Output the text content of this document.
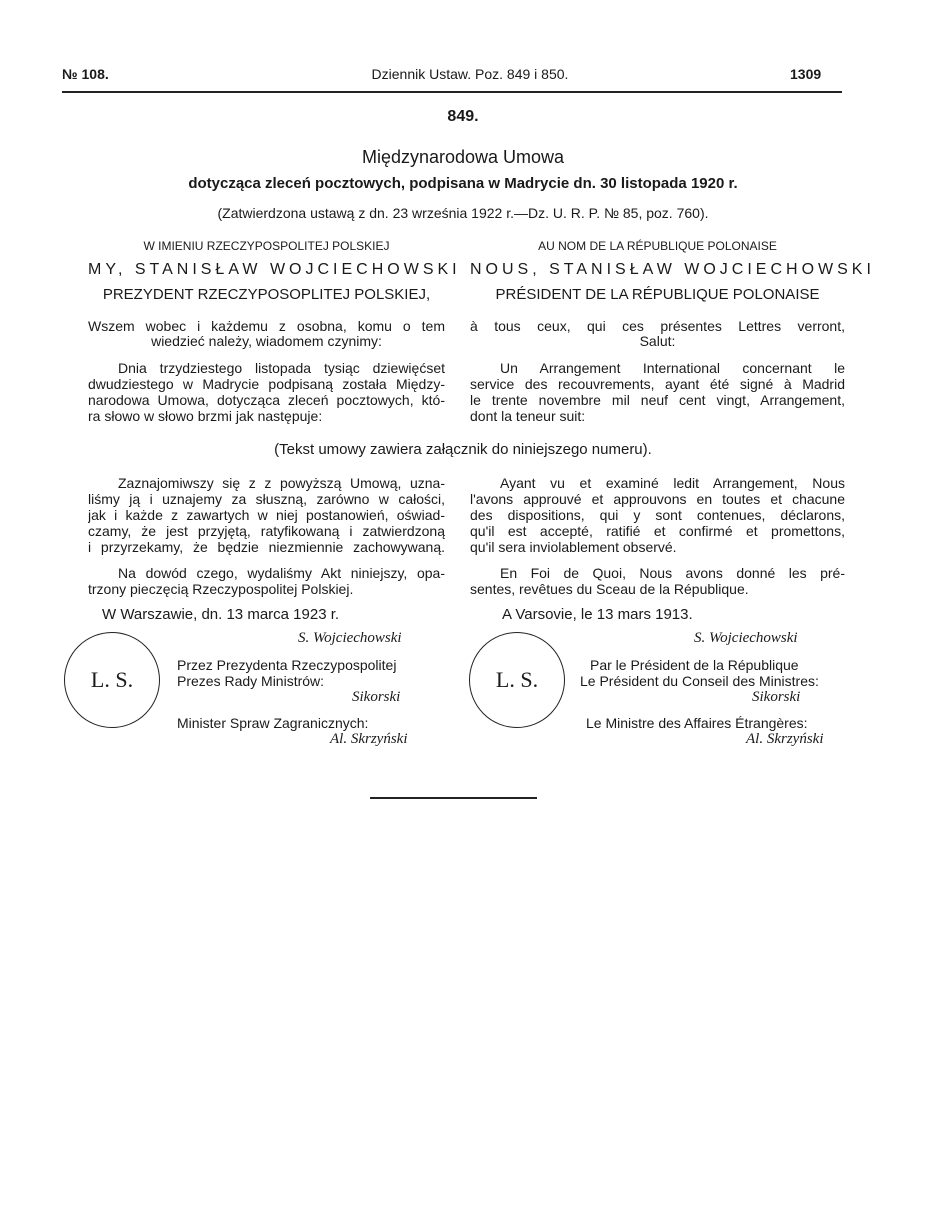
№ 108.	Dziennik Ustaw. Poz. 849 i 850.	1309
849.
Międzynarodowa Umowa
dotycząca zleceń pocztowych, podpisana w Madrycie dn. 30 listopada 1920 r.
(Zatwierdzona ustawą z dn. 23 września 1922 r.—Dz. U. R. P. № 85, poz. 760).
W IMIENIU RZECZYPOSPOLITEJ POLSKIEJ
MY, STANISŁAW WOJCIECHOWSKI
PREZYDENT RZECZYPOSOPLITEJ POLSKIEJ,
Wszem wobec i każdemu z osobna, komu o tem
wiedzieć należy, wiadomem czynimy:
Dnia trzydziestego listopada tysiąc dziewięćset
dwudziestego w Madrycie podpisaną została Między-
narodowa Umowa, dotycząca zleceń pocztowych, któ-
ra słowo w słowo brzmi jak następuje:
(Tekst umowy zawiera załącznik do niniejszego numeru).
Zaznajomiwszy się z z powyższą Umową, uzna-
liśmy ją i uznajemy za słuszną, zarówno w całości,
jak i każde z zawartych w niej postanowień, oświad-
czamy, że jest przyjętą, ratyfikowaną i zatwierdzoną
i przyrzekamy, że będzie niezmiennie zachowywaną.
Na dowód czego, wydaliśmy Akt niniejszy, opa-
trzony pieczęcią Rzeczypospolitej Polskiej.
W Warszawie, dn. 13 marca 1923 r.
S. Wojciechowski
L. S.
Przez Prezydenta Rzeczypospolitej
Prezes Rady Ministrów:
Sikorski
Minister Spraw Zagranicznych:
Al. Skrzyński
AU NOM DE LA RÉPUBLIQUE POLONAISE
NOUS, STANISŁAW WOJCIECHOWSKI
PRÉSIDENT DE LA RÉPUBLIQUE POLONAISE
à tous ceux, qui ces présentes Lettres verront,
Salut:
Un Arrangement International concernant le
service des recouvrements, ayant été signé à Madrid
le trente novembre mil neuf cent vingt, Arrangement,
dont la teneur suit:
Ayant vu et examiné ledit Arrangement, Nous
l'avons approuvé et approuvons en toutes et chacune
des dispositions, qui y sont contenues, déclarons,
qu'il est accepté, ratifié et confirmé et promettons,
qu'il sera inviolablement observé.
En Foi de Quoi, Nous avons donné les pré-
sentes, revêtues du Sceau de la République.
A Varsovie, le 13 mars 1913.
S. Wojciechowski
L. S.
Par le Président de la République
Le Président du Conseil des Ministres:
Sikorski
Le Ministre des Affaires Étrangères:
Al. Skrzyński
